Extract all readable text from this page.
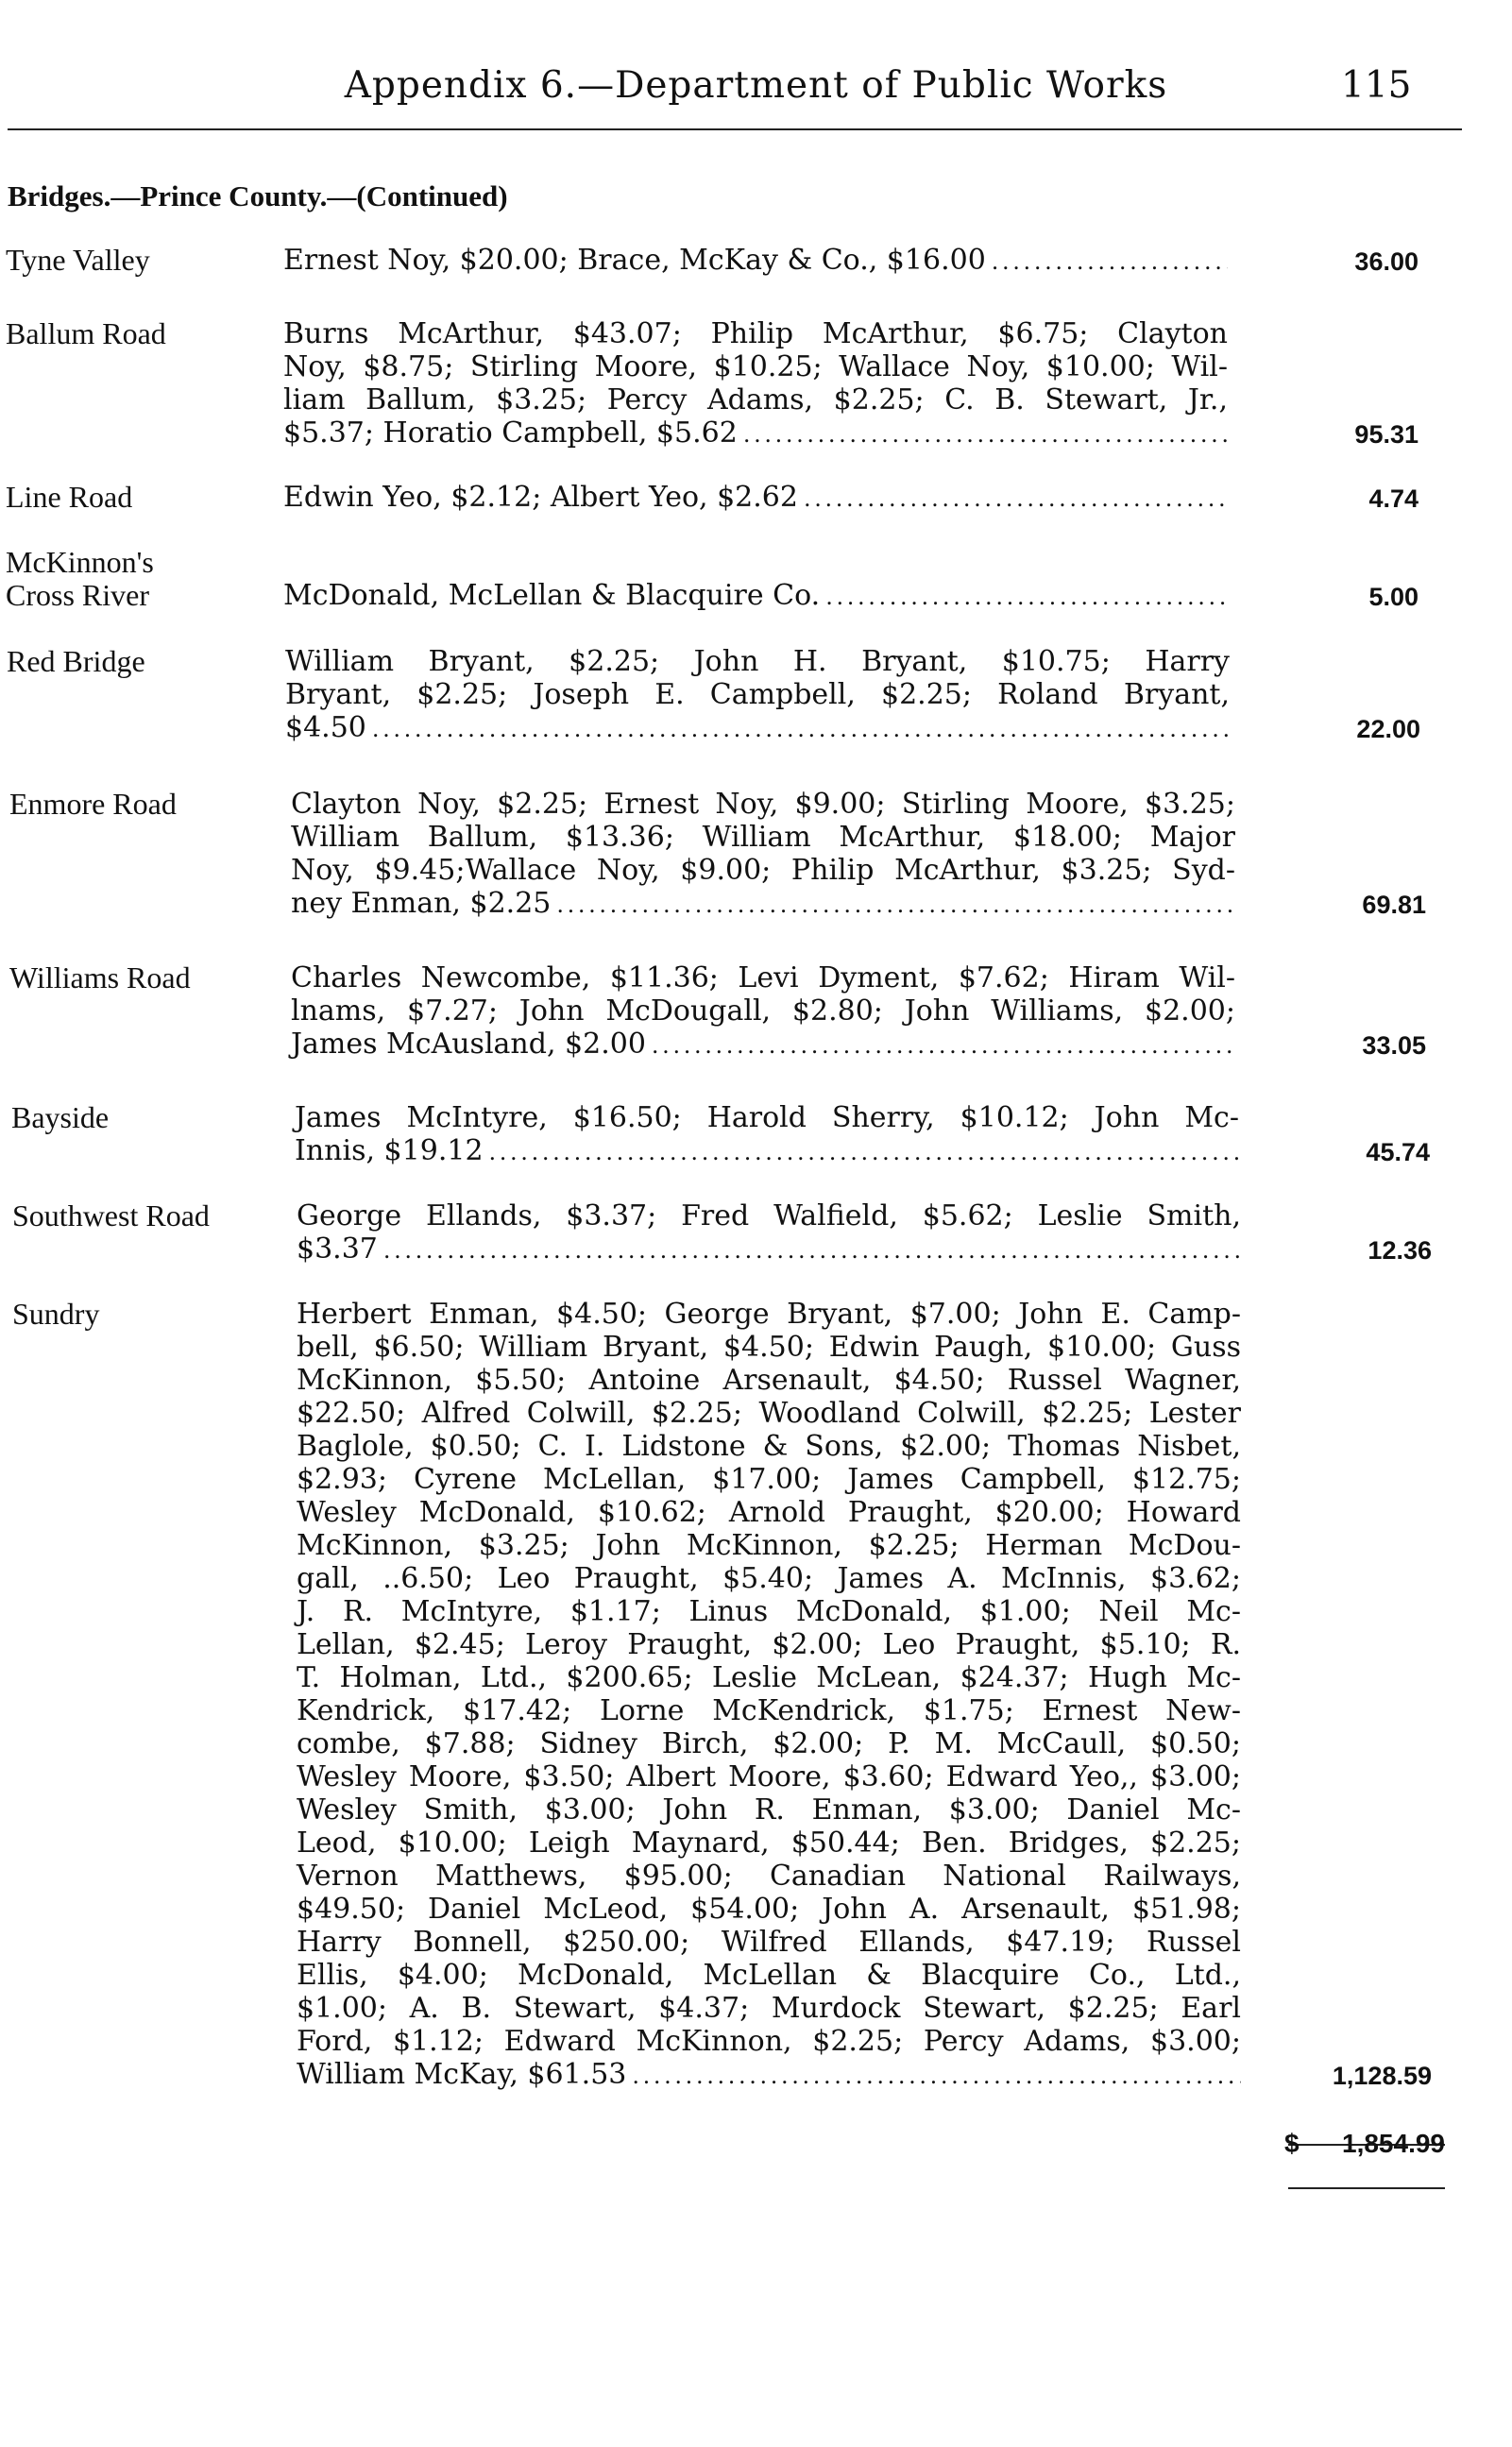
Appendix 6.—Department of Public Works	115
Bridges.—Prince County.—(Continued)
Tyne Valley	Ernest Noy, $20.00; Brace, McKay & Co., $16.00 . . .	36.00
Ballum Road	Burns McArthur, $43.07; Philip McArthur, $6.75; Clayton
Noy, $8.75; Stirling Moore, $10.25; Wallace Noy, $10.00; Wil-
liam Ballum, $3.25; Percy Adams, $2.25; C. B. Stewart, Jr.,
$5.37; Horatio Campbell, $5.62 . . .	95.31
Line Road	Edwin Yeo, $2.12; Albert Yeo, $2.62 . . .	4.74
McKinnon's
Cross River	McDonald, McLellan & Blacquire Co. . . .	5.00
Red Bridge	William Bryant, $2.25; John H. Bryant, $10.75; Harry
Bryant, $2.25; Joseph E. Campbell, $2.25; Roland Bryant,
$4.50 . . .	22.00
Enmore Road	Clayton Noy, $2.25; Ernest Noy, $9.00; Stirling Moore, $3.25;
William Ballum, $13.36; William McArthur, $18.00; Major
Noy, $9.45;Wallace Noy, $9.00; Philip McArthur, $3.25; Syd-
ney Enman, $2.25 . . .	69.81
Williams Road	Charles Newcombe, $11.36; Levi Dyment, $7.62; Hiram Wil-
lnams, $7.27; John McDougall, $2.80; John Williams, $2.00;
James McAusland, $2.00 . . .	33.05
Bayside	James McIntyre, $16.50; Harold Sherry, $10.12; John Mc-
Innis, $19.12 . . .	45.74
Southwest Road	George Ellands, $3.37; Fred Walfield, $5.62; Leslie Smith,
$3.37 . . .	12.36
Sundry	Herbert Enman, $4.50; George Bryant, $7.00; John E. Camp-
bell, $6.50; William Bryant, $4.50; Edwin Paugh, $10.00; Guss
McKinnon, $5.50; Antoine Arsenault, $4.50; Russel Wagner,
$22.50; Alfred Colwill, $2.25; Woodland Colwill, $2.25; Lester
Baglole, $0.50; C. I. Lidstone & Sons, $2.00; Thomas Nisbet,
$2.93; Cyrene McLellan, $17.00; James Campbell, $12.75;
Wesley McDonald, $10.62; Arnold Praught, $20.00; Howard
McKinnon, $3.25; John McKinnon, $2.25; Herman McDou-
gall, ..6.50; Leo Praught, $5.40; James A. McInnis, $3.62;
J. R. McIntyre, $1.17; Linus McDonald, $1.00; Neil Mc-
Lellan, $2.45; Leroy Praught, $2.00; Leo Praught, $5.10; R.
T. Holman, Ltd., $200.65; Leslie McLean, $24.37; Hugh Mc-
Kendrick, $17.42; Lorne McKendrick, $1.75; Ernest New-
combe, $7.88; Sidney Birch, $2.00; P. M. McCaull, $0.50;
Wesley Moore, $3.50; Albert Moore, $3.60; Edward Yeo,, $3.00;
Wesley Smith, $3.00; John R. Enman, $3.00; Daniel Mc-
Leod, $10.00; Leigh Maynard, $50.44; Ben. Bridges, $2.25;
Vernon Matthews, $95.00; Canadian National Railways,
$49.50; Daniel McLeod, $54.00; John A. Arsenault, $51.98;
Harry Bonnell, $250.00; Wilfred Ellands, $47.19; Russel
Ellis, $4.00; McDonald, McLellan & Blacquire Co., Ltd.,
$1.00; A. B. Stewart, $4.37; Murdock Stewart, $2.25; Earl
Ford, $1.12; Edward McKinnon, $2.25; Percy Adams, $3.00;
William McKay, $61.53 . . .	1,128.59
$ 1,854.99
